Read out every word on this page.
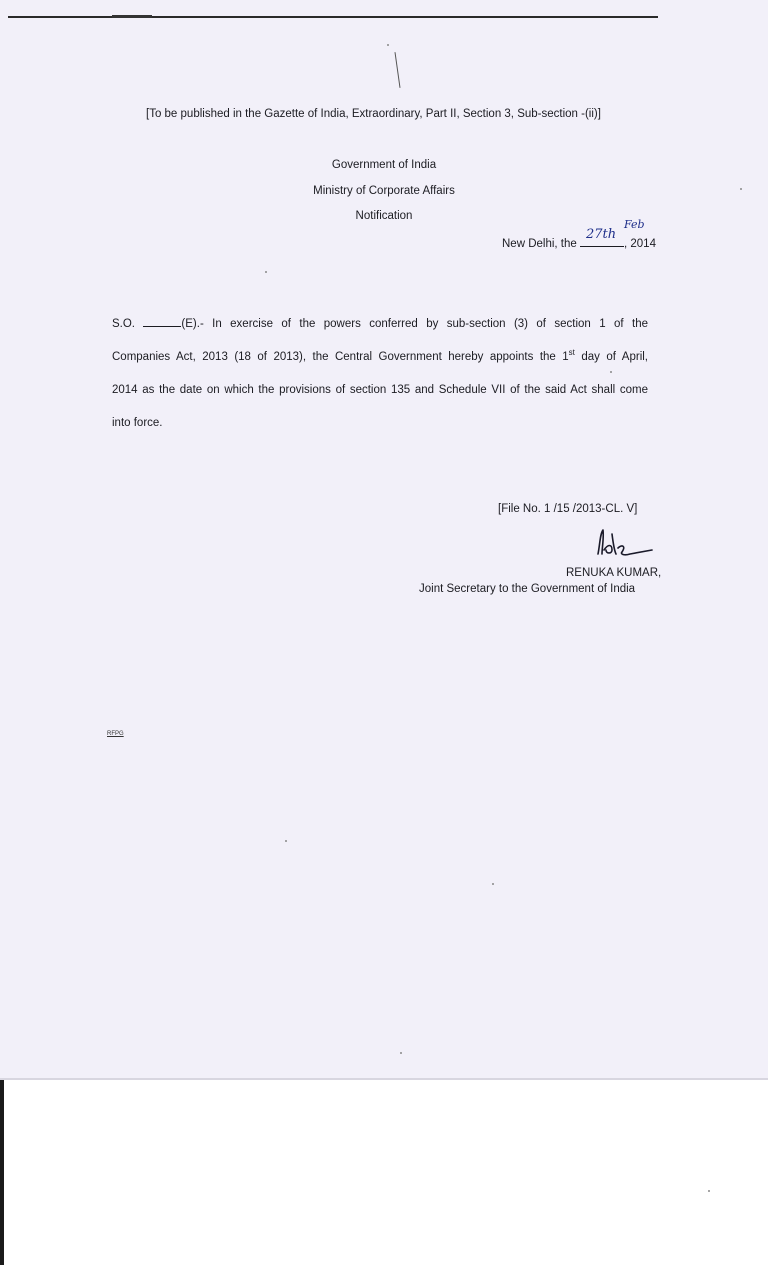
[To be published in the Gazette of India, Extraordinary, Part II, Section 3, Sub-section -(ii)]
Government of India
Ministry of Corporate Affairs
Notification
New Delhi, the	, 2014
27th
Feb
S.O.	(E).- In exercise of the powers conferred by sub-section (3) of section 1 of the
Companies Act, 2013 (18 of 2013), the Central Government hereby appoints the 1st day of April,
2014 as the date on which the provisions of section 135 and Schedule VII of the said Act shall come
into force.
[File No. 1 /15 /2013-CL. V]
RENUKA KUMAR,
Joint Secretary to the Government of India
RFPG
